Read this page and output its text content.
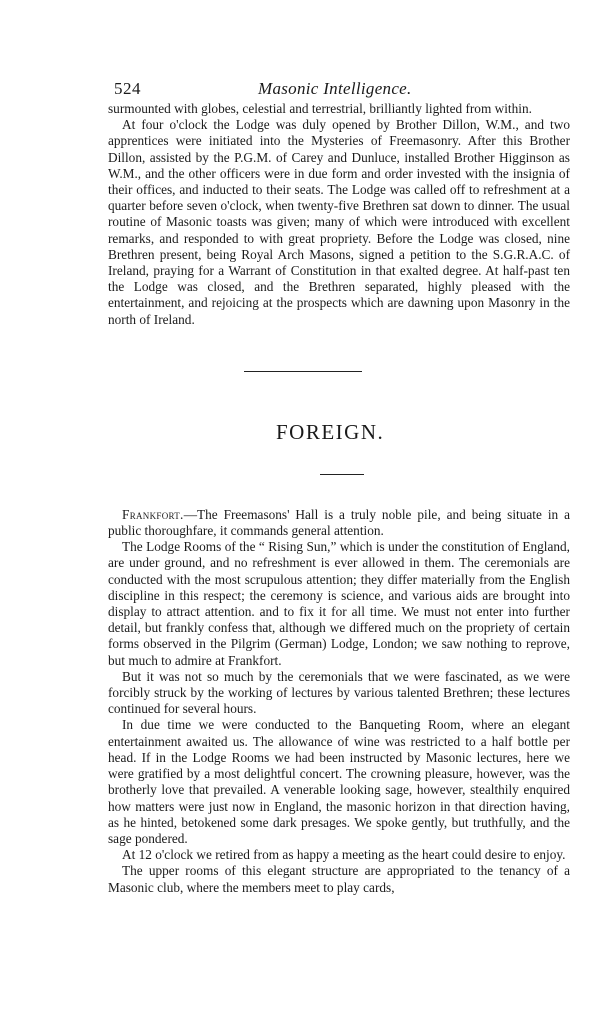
524	Masonic Intelligence.

surmounted with globes, celestial and terrestrial, brilliantly lighted from within.

At four o'clock the Lodge was duly opened by Brother Dillon, W.M., and two apprentices were initiated into the Mysteries of Freemasonry. After this Brother Dillon, assisted by the P.G.M. of Carey and Dunluce, installed Brother Higginson as W.M., and the other officers were in due form and order invested with the insignia of their offices, and inducted to their seats. The Lodge was called off to refreshment at a quarter before seven o'clock, when twenty-five Brethren sat down to dinner. The usual routine of Masonic toasts was given; many of which were introduced with excellent remarks, and responded to with great propriety. Before the Lodge was closed, nine Brethren present, being Royal Arch Masons, signed a petition to the S.G.R.A.C. of Ireland, praying for a Warrant of Constitution in that exalted degree. At half-past ten the Lodge was closed, and the Brethren separated, highly pleased with the entertainment, and rejoicing at the prospects which are dawning upon Masonry in the north of Ireland.

FOREIGN.

Frankfort.—The Freemasons' Hall is a truly noble pile, and being situate in a public thoroughfare, it commands general attention.

The Lodge Rooms of the “ Rising Sun,” which is under the constitution of England, are under ground, and no refreshment is ever allowed in them. The ceremonials are conducted with the most scrupulous attention; they differ materially from the English discipline in this respect; the ceremony is science, and various aids are brought into display to attract attention. and to fix it for all time. We must not enter into further detail, but frankly confess that, although we differed much on the propriety of certain forms observed in the Pilgrim (German) Lodge, London; we saw nothing to reprove, but much to admire at Frankfort.

But it was not so much by the ceremonials that we were fascinated, as we were forcibly struck by the working of lectures by various talented Brethren; these lectures continued for several hours.

In due time we were conducted to the Banqueting Room, where an elegant entertainment awaited us. The allowance of wine was restricted to a half bottle per head. If in the Lodge Rooms we had been instructed by Masonic lectures, here we were gratified by a most delightful concert. The crowning pleasure, however, was the brotherly love that prevailed. A venerable looking sage, however, stealthily enquired how matters were just now in England, the masonic horizon in that direction having, as he hinted, betokened some dark presages. We spoke gently, but truthfully, and the sage pondered.

At 12 o'clock we retired from as happy a meeting as the heart could desire to enjoy.

The upper rooms of this elegant structure are appropriated to the tenancy of a Masonic club, where the members meet to play cards,
